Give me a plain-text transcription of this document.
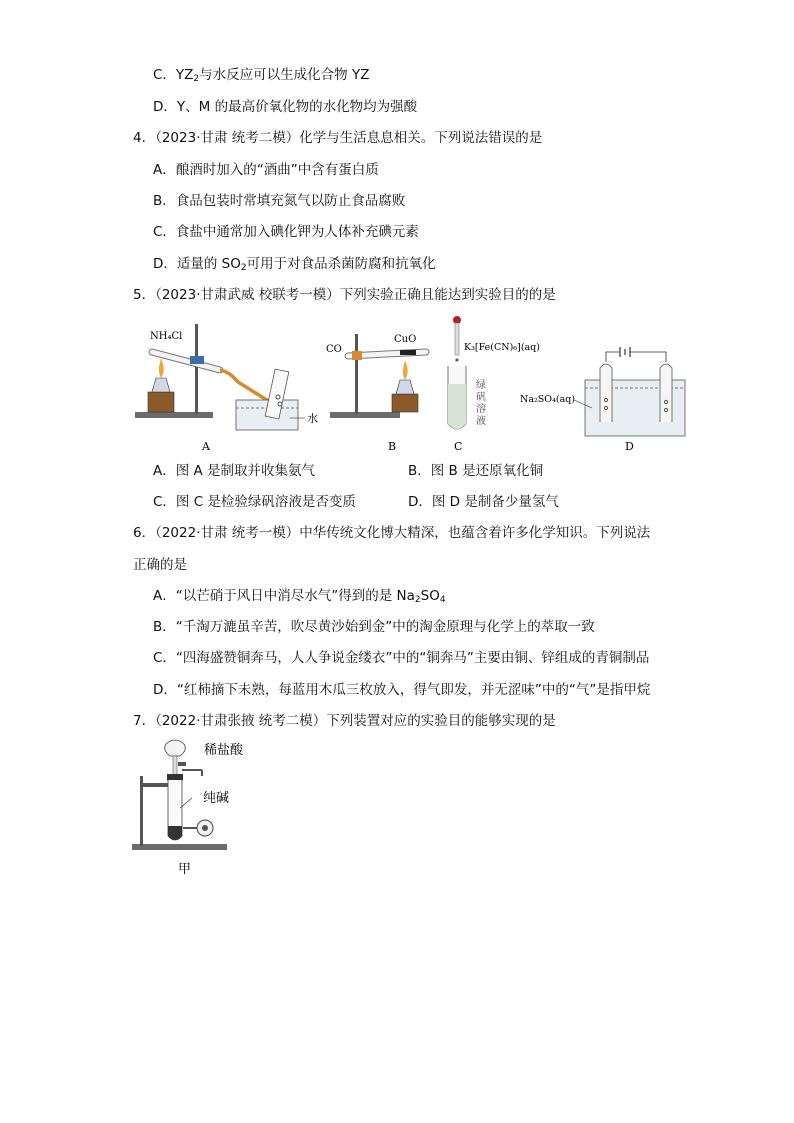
C．$YZ_2$与水反应可以生成化合物 YZ
D．Y、M 的最高价氧化物的水化物均为强酸
4．（2023·甘肃 统考二模）化学与生活息息相关。下列说法错误的是
A．酿酒时加入的“酒曲”中含有蛋白质
B．食品包装时常填充氮气以防止食品腐败
C．食盐中通常加入碘化钾为人体补充碘元素
D．适量的 $SO_2$可用于对食品杀菌防腐和抗氧化
5．（2023·甘肃武威 校联考一模）下列实验正确且能达到实验目的的是
NH₄Cl
水
A
CO
CuO
B
K₃[Fe(CN)₆](aq)
绿
矾
溶
液
C
Na₂SO₄(aq)
D
A．图 A 是制取并收集氨气	B．图 B 是还原氧化铜
C．图 C 是检验绿矾溶液是否变质	D．图 D 是制备少量氢气
6．（2022·甘肃 统考一模）中华传统文化博大精深，也蕴含着许多化学知识。下列说法
正确的是
A．“以芒硝于风日中消尽水气”得到的是 $Na_2SO_4$
B．“千淘万漉虽辛苦，吹尽黄沙始到金”中的淘金原理与化学上的萃取一致
C．“四海盛赞铜奔马，人人争说金缕衣”中的“铜奔马”主要由铜、锌组成的青铜制品
D．“红柿摘下未熟，每蓝用木瓜三枚放入，得气即发，并无涩味”中的“气”是指甲烷
7．（2022·甘肃张掖 统考二模）下列装置对应的实验目的能够实现的是
稀盐酸
纯碱
甲
